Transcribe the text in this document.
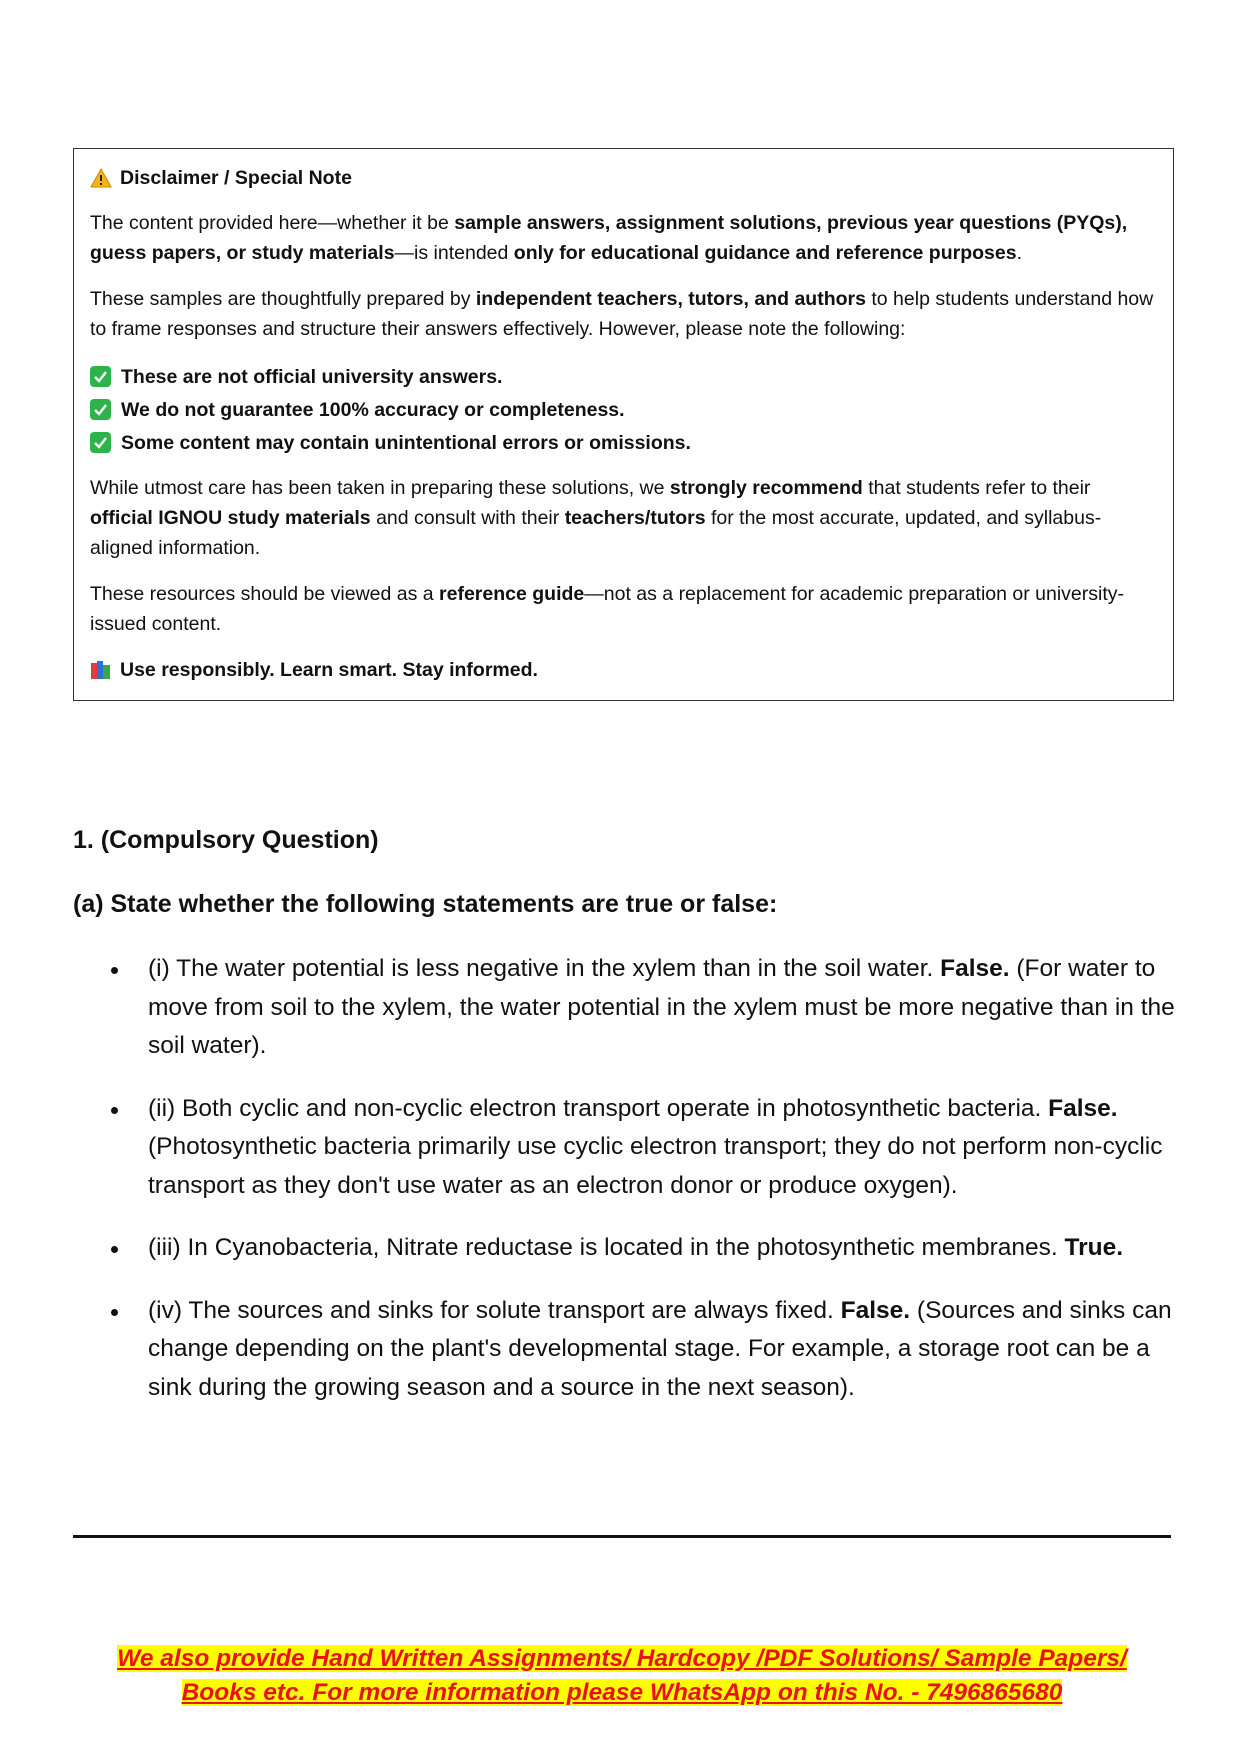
Disclaimer / Special Note

The content provided here—whether it be sample answers, assignment solutions, previous year questions (PYQs), guess papers, or study materials—is intended only for educational guidance and reference purposes.

These samples are thoughtfully prepared by independent teachers, tutors, and authors to help students understand how to frame responses and structure their answers effectively. However, please note the following:

These are not official university answers.
We do not guarantee 100% accuracy or completeness.
Some content may contain unintentional errors or omissions.

While utmost care has been taken in preparing these solutions, we strongly recommend that students refer to their official IGNOU study materials and consult with their teachers/tutors for the most accurate, updated, and syllabus-aligned information.

These resources should be viewed as a reference guide—not as a replacement for academic preparation or university-issued content.

Use responsibly. Learn smart. Stay informed.

1. (Compulsory Question)
(a) State whether the following statements are true or false:
(i) The water potential is less negative in the xylem than in the soil water. False. (For water to move from soil to the xylem, the water potential in the xylem must be more negative than in the soil water).
(ii) Both cyclic and non-cyclic electron transport operate in photosynthetic bacteria. False. (Photosynthetic bacteria primarily use cyclic electron transport; they do not perform non-cyclic transport as they don't use water as an electron donor or produce oxygen).
(iii) In Cyanobacteria, Nitrate reductase is located in the photosynthetic membranes. True.
(iv) The sources and sinks for solute transport are always fixed. False. (Sources and sinks can change depending on the plant's developmental stage. For example, a storage root can be a sink during the growing season and a source in the next season).
We also provide Hand Written Assignments/ Hardcopy /PDF Solutions/ Sample Papers/
Books etc. For more information please WhatsApp on this No. - 7496865680
